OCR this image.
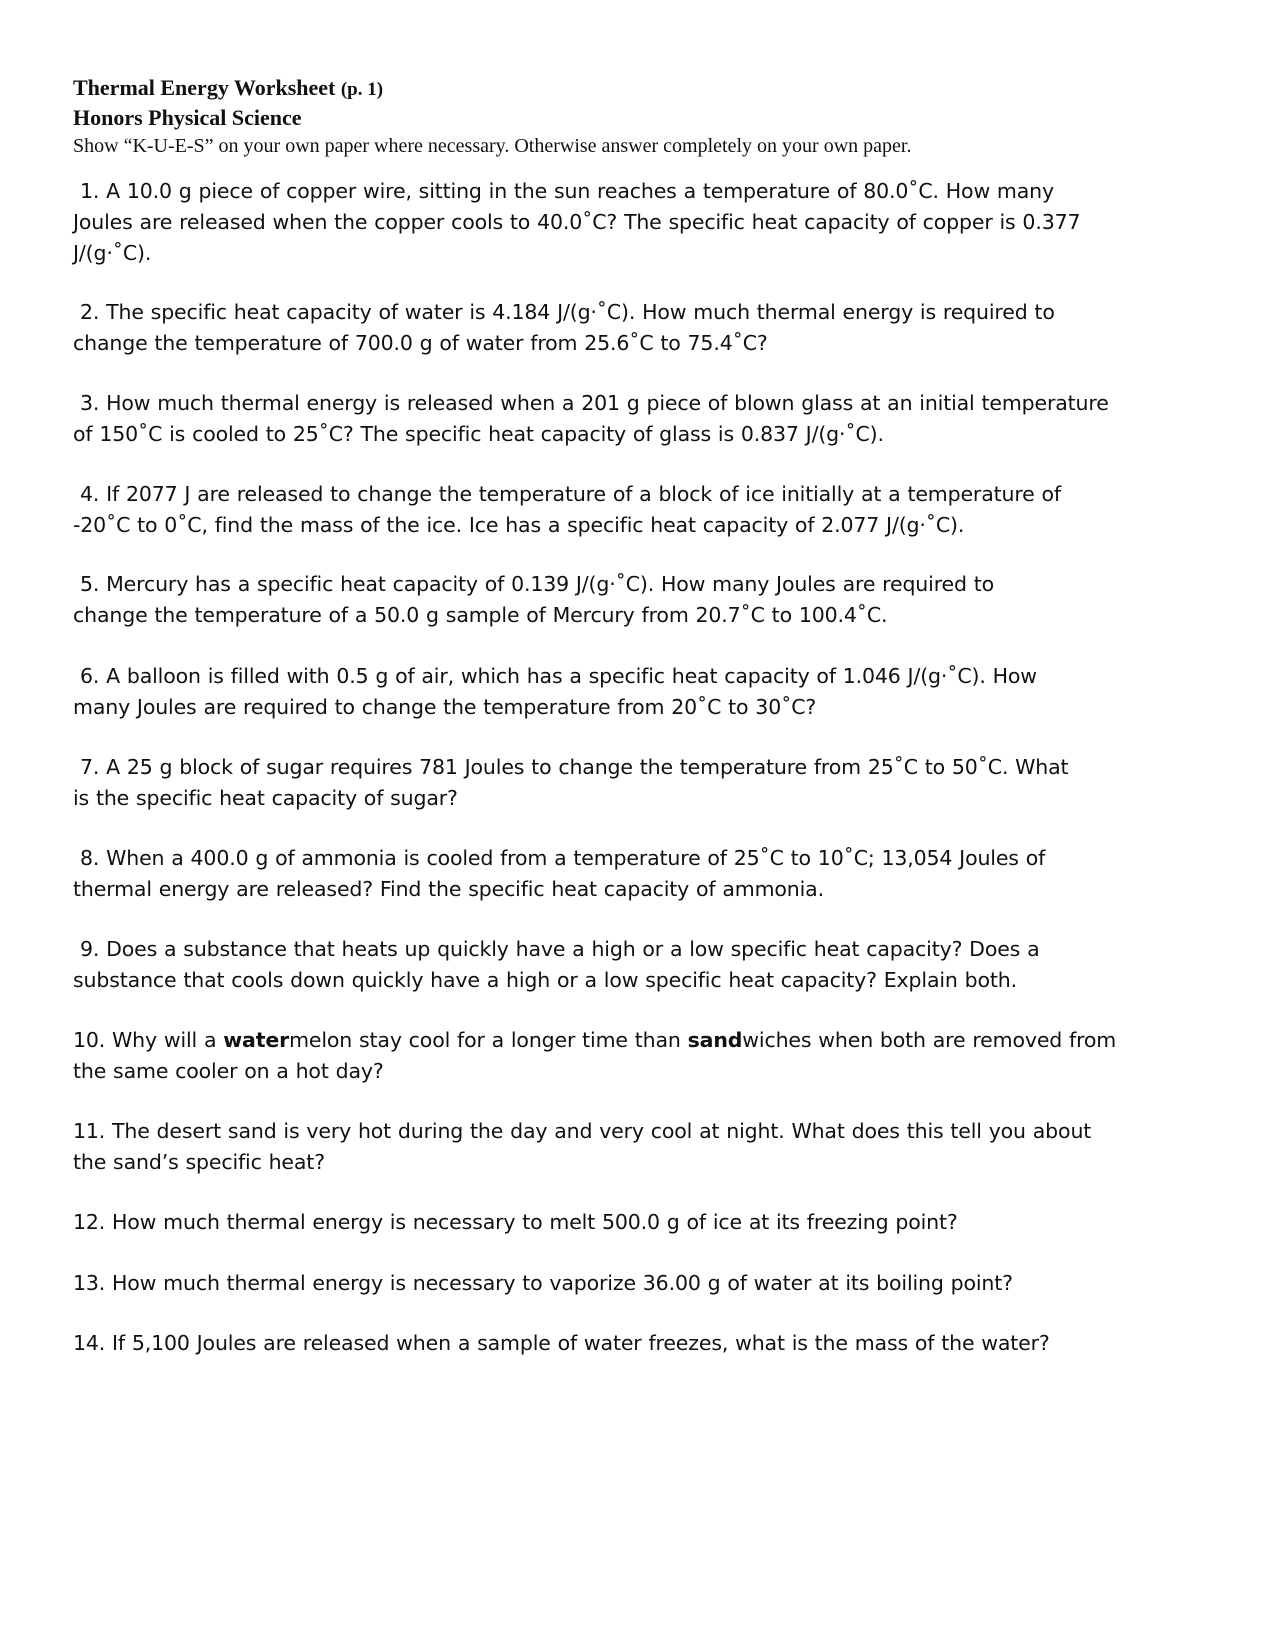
Thermal Energy Worksheet (p. 1)
Honors Physical Science
Show “K-U-E-S” on your own paper where necessary. Otherwise answer completely on your own paper.
1. A 10.0 g piece of copper wire, sitting in the sun reaches a temperature of 80.0˚C. How many
Joules are released when the copper cools to 40.0˚C? The specific heat capacity of copper is 0.377
J/(g·˚C).
2. The specific heat capacity of water is 4.184 J/(g·˚C). How much thermal energy is required to
change the temperature of 700.0 g of water from 25.6˚C to 75.4˚C?
3. How much thermal energy is released when a 201 g piece of blown glass at an initial temperature
of 150˚C is cooled to 25˚C? The specific heat capacity of glass is 0.837 J/(g·˚C).
4. If 2077 J are released to change the temperature of a block of ice initially at a temperature of
-20˚C to 0˚C, find the mass of the ice. Ice has a specific heat capacity of 2.077 J/(g·˚C).
5. Mercury has a specific heat capacity of 0.139 J/(g·˚C). How many Joules are required to
change the temperature of a 50.0 g sample of Mercury from 20.7˚C to 100.4˚C.
6. A balloon is filled with 0.5 g of air, which has a specific heat capacity of 1.046 J/(g·˚C). How
many Joules are required to change the temperature from 20˚C to 30˚C?
7. A 25 g block of sugar requires 781 Joules to change the temperature from 25˚C to 50˚C. What
is the specific heat capacity of sugar?
8. When a 400.0 g of ammonia is cooled from a temperature of 25˚C to 10˚C; 13,054 Joules of
thermal energy are released? Find the specific heat capacity of ammonia.
9. Does a substance that heats up quickly have a high or a low specific heat capacity? Does a
substance that cools down quickly have a high or a low specific heat capacity? Explain both.
10. Why will a watermelon stay cool for a longer time than sandwiches when both are removed from
the same cooler on a hot day?
11. The desert sand is very hot during the day and very cool at night. What does this tell you about
the sand’s specific heat?
12. How much thermal energy is necessary to melt 500.0 g of ice at its freezing point?
13. How much thermal energy is necessary to vaporize 36.00 g of water at its boiling point?
14. If 5,100 Joules are released when a sample of water freezes, what is the mass of the water?
